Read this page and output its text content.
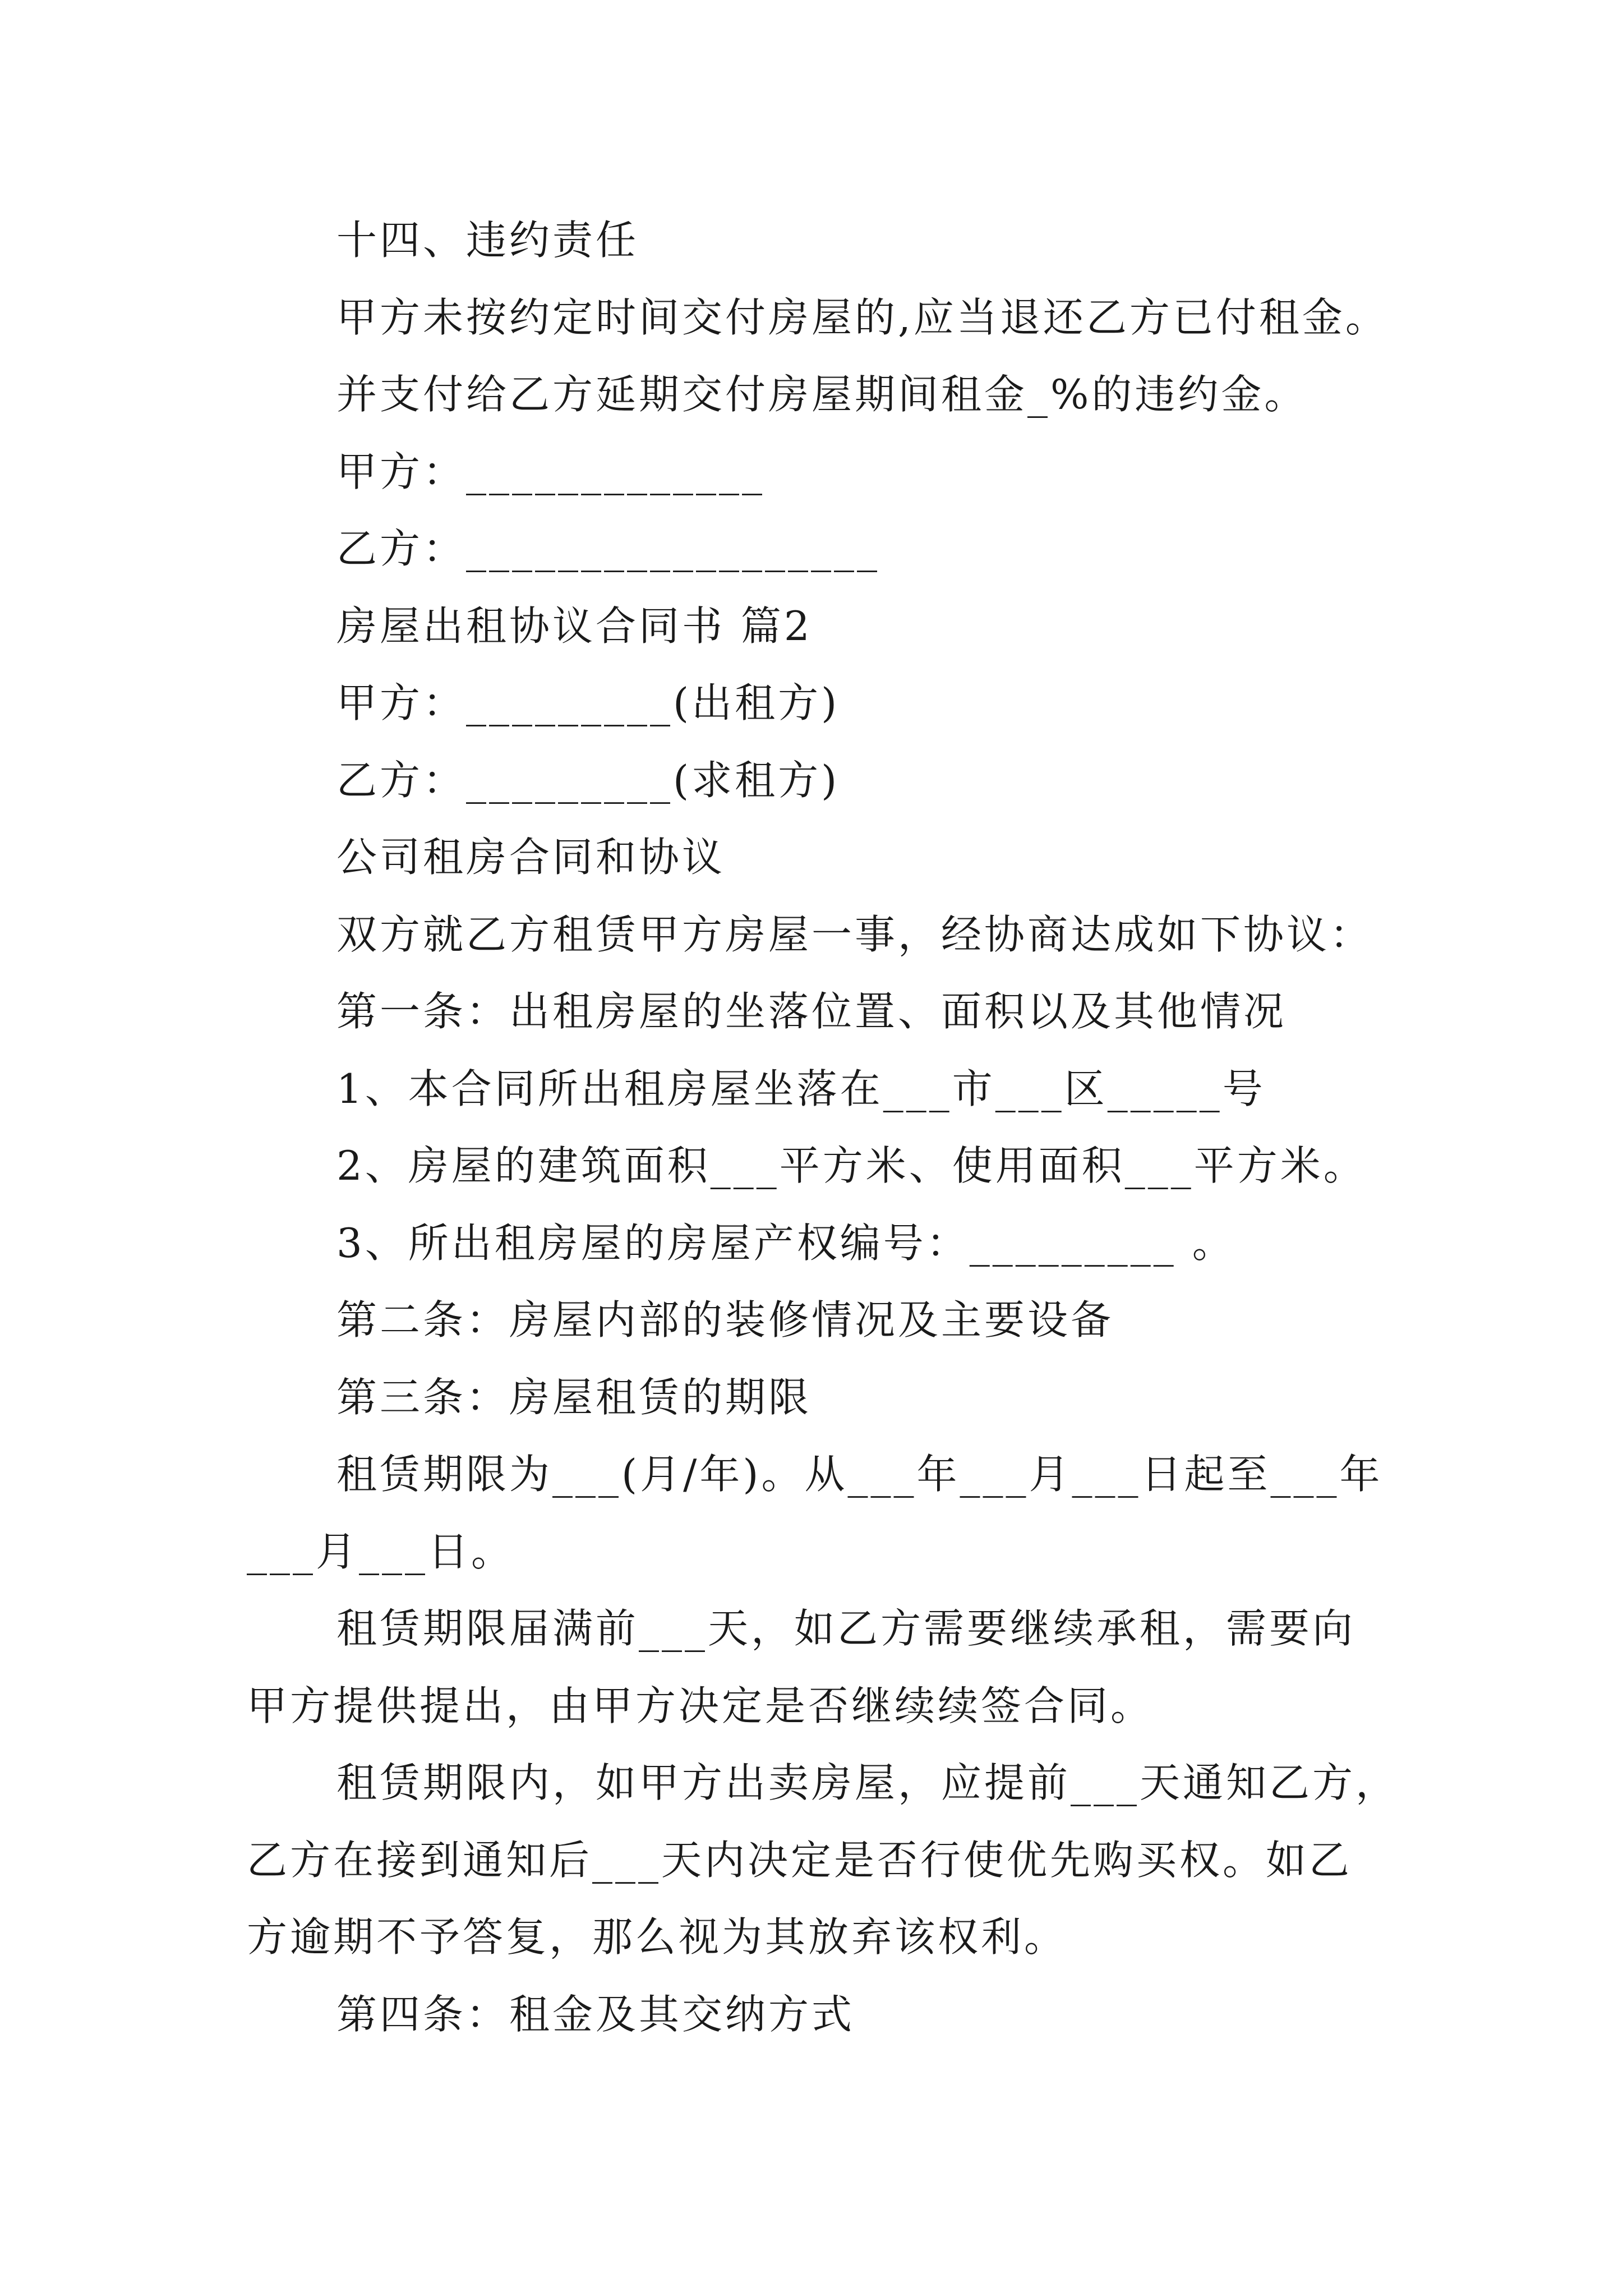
十四、违约责任
甲方未按约定时间交付房屋的,应当退还乙方已付租金。
并支付给乙方延期交付房屋期间租金_%的违约金。
甲方：_____________
乙方：__________________
房屋出租协议合同书 篇2
甲方：_________(出租方)
乙方：_________(求租方)
公司租房合同和协议
双方就乙方租赁甲方房屋一事，经协商达成如下协议：
第一条：出租房屋的坐落位置、面积以及其他情况
1、本合同所出租房屋坐落在___市___区_____号
2、房屋的建筑面积___平方米、使用面积___平方米。
3、所出租房屋的房屋产权编号：_________ 。
第二条：房屋内部的装修情况及主要设备
第三条：房屋租赁的期限
租赁期限为___(月/年)。从___年___月___日起至___年
___月___日。
租赁期限届满前___天，如乙方需要继续承租，需要向
甲方提供提出，由甲方决定是否继续续签合同。
租赁期限内，如甲方出卖房屋，应提前___天通知乙方，
乙方在接到通知后___天内决定是否行使优先购买权。如乙
方逾期不予答复，那么视为其放弃该权利。
第四条：租金及其交纳方式
